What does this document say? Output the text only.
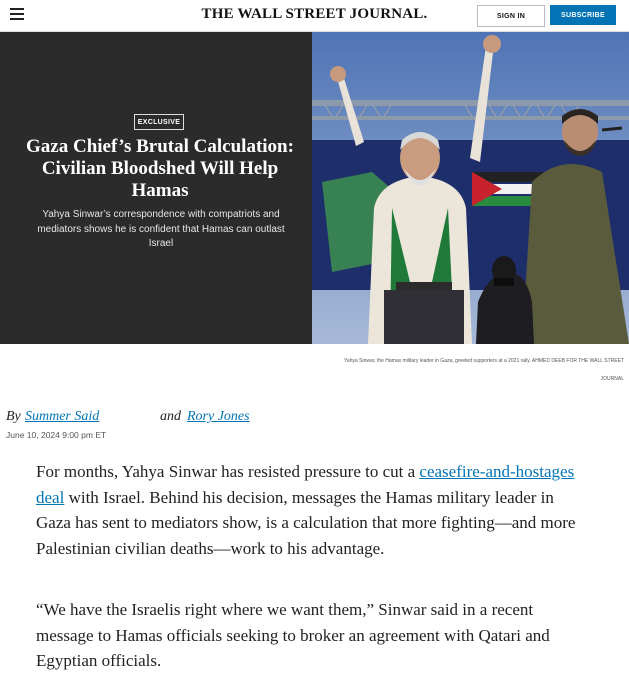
THE WALL STREET JOURNAL.	SIGN IN	SUBSCRIBE
EXCLUSIVE
Gaza Chief’s Brutal Calculation: Civilian Bloodshed Will Help Hamas
Yahya Sinwar’s correspondence with compatriots and mediators shows he is confident that Hamas can outlast Israel
Yahya Sinwar, the Hamas military leader in Gaza, greeted supporters at a 2021 rally. AHMED DEEB FOR THE WALL STREET JOURNAL
By Summer Said	and Rory Jones
June 10, 2024 9:00 pm ET
For months, Yahya Sinwar has resisted pressure to cut a ceasefire-and-hostages deal with Israel. Behind his decision, messages the Hamas military leader in Gaza has sent to mediators show, is a calculation that more fighting—and more Palestinian civilian deaths—work to his advantage.
“We have the Israelis right where we want them,” Sinwar said in a recent message to Hamas officials seeking to broker an agreement with Qatari and Egyptian officials.
